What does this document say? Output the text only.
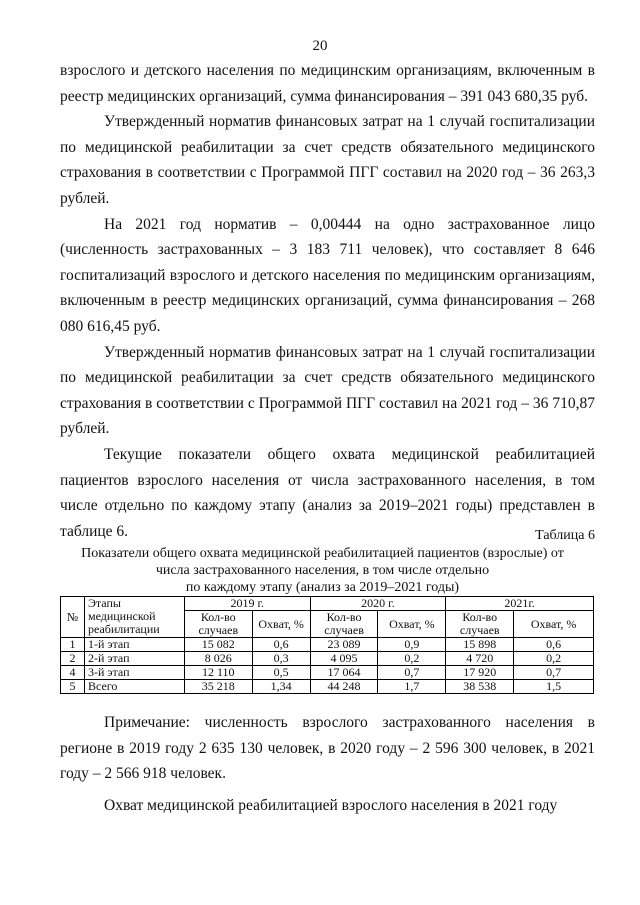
20

взрослого и детского населения по медицинским организациям, включенным в реестр медицинских организаций, сумма финансирования – 391 043 680,35 руб.

Утвержденный норматив финансовых затрат на 1 случай госпитализации по медицинской реабилитации за счет средств обязательного медицинского страхования в соответствии с Программой ПГГ составил на 2020 год – 36 263,3 рублей.

На 2021 год норматив – 0,00444 на одно застрахованное лицо (численность застрахованных – 3 183 711 человек), что составляет 8 646 госпитализаций взрослого и детского населения по медицинским организациям, включенным в реестр медицинских организаций, сумма финансирования – 268 080 616,45 руб.

Утвержденный норматив финансовых затрат на 1 случай госпитализации по медицинской реабилитации за счет средств обязательного медицинского страхования в соответствии с Программой ПГГ составил на 2021 год – 36 710,87 рублей.

Текущие показатели общего охвата медицинской реабилитацией пациентов взрослого населения от числа застрахованного населения, в том числе отдельно по каждому этапу (анализ за 2019–2021 годы) представлен в таблице 6.	Таблица 6
Показатели общего охвата медицинской реабилитацией пациентов (взрослые) от
числа застрахованного населения, в том числе отдельно
по каждому этапу (анализ за 2019–2021 годы)
№	Этапы медицинской реабилитации	2019 г.		2020 г.		2021г.	
		Кол-во случаев	Охват, %	Кол-во случаев	Охват, %	Кол-во случаев	Охват, %
1	1-й этап	15 082	0,6	23 089	0,9	15 898	0,6
2	2-й этап	8 026	0,3	4 095	0,2	4 720	0,2
4	3-й этап	12 110	0,5	17 064	0,7	17 920	0,7
5	Всего	35 218	1,34	44 248	1,7	38 538	1,5

Примечание: численность взрослого застрахованного населения в регионе в 2019 году 2 635 130 человек, в 2020 году – 2 596 300 человек, в 2021 году – 2 566 918 человек.

Охват медицинской реабилитацией взрослого населения в 2021 году
